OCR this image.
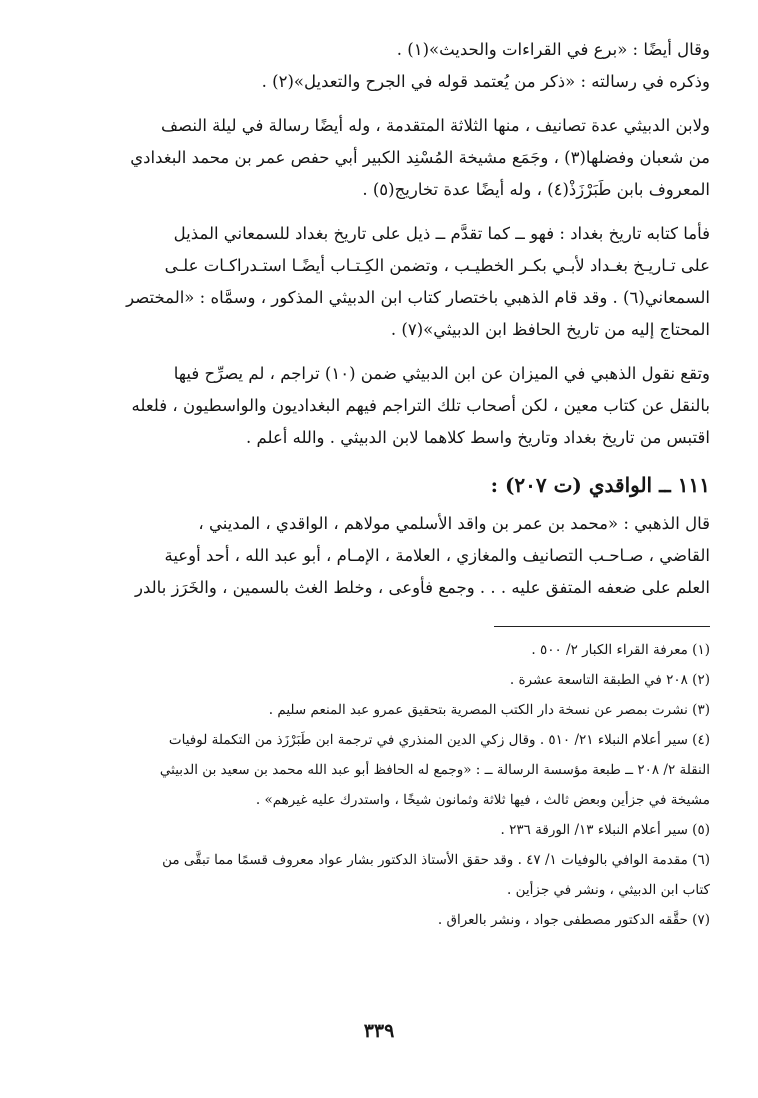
وقال أيضًا : «برع في القراءات والحديث»(١) .

وذكره في رسالته : «ذكر من يُعتمد قوله في الجرح والتعديل»(٢) .

ولابن الدبيثي عدة تصانيف ، منها الثلاثة المتقدمة ، وله أيضًا رسالة في ليلة النصف
من شعبان وفضلها(٣) ، وجَمَع مشيخة المُسْنِد الكبير أبي حفص عمر بن محمد البغدادي
المعروف بابن طَبَرْزَذْ(٤) ، وله أيضًا عدة تخاريج(٥) .

فأما كتابه تاريخ بغداد : فهو ــ كما تقدَّم ــ ذيل على تاريخ بغداد للسمعاني المذيل
على تـاريـخ بغـداد لأبـي بكـر الخطيـب ، وتضمن الكِـتـاب أيضًـا استـدراكـات علـى
السمعاني(٦) . وقد قام الذهبي باختصار كتاب ابن الدبيثي المذكور ، وسمَّاه : «المختصر
المحتاج إليه من تاريخ الحافظ ابن الدبيثي»(٧) .

وتقع نقول الذهبي في الميزان عن ابن الدبيثي ضمن (١٠) تراجم ، لم يصرِّح فيها
بالنقل عن كتاب معين ، لكن أصحاب تلك التراجم فيهم البغداديون والواسطيون ، فلعله
اقتبس من تاريخ بغداد وتاريخ واسط كلاهما لابن الدبيثي . والله أعلم .

١١١ ــ الواقدي (ت ٢٠٧) :

قال الذهبي : «محمد بن عمر بن واقد الأسلمي مولاهم ، الواقدي ، المديني ،
القاضي ، صـاحـب التصانيف والمغازي ، العلامة ، الإمـام ، أبو عبد الله ، أحد أوعية
العلم على ضعفه المتفق عليه . . . وجمع فأوعى ، وخلط الغث بالسمين ، والخَرَز بالدر

(١) معرفة القراء الكبار ٢/ ٥٠٠ .

(٢) ٢٠٨ في الطبقة التاسعة عشرة .

(٣) نشرت بمصر عن نسخة دار الكتب المصرية بتحقيق عمرو عبد المنعم سليم .

(٤) سير أعلام النبلاء ٢١/ ٥١٠ . وقال زكي الدين المنذري في ترجمة ابن طَبَرْزَذ من التكملة لوفيات
النقلة ٢/ ٢٠٨ ــ طبعة مؤسسة الرسالة ــ : «وجمع له الحافظ أبو عبد الله محمد بن سعيد بن الدبيثي
مشيخة في جزأين وبعض ثالث ، فيها ثلاثة وثمانون شيخًا ، واستدرك عليه غيرهم» .

(٥) سير أعلام النبلاء ١٣/ الورقة ٢٣٦ .

(٦) مقدمة الوافي بالوفيات ١/ ٤٧ . وقد حقق الأستاذ الدكتور بشار عواد معروف قسمًا مما تبقَّى من
كتاب ابن الدبيثي ، ونشر في جزأين .

(٧) حقَّقه الدكتور مصطفى جواد ، ونشر بالعراق .

٣٣٩
